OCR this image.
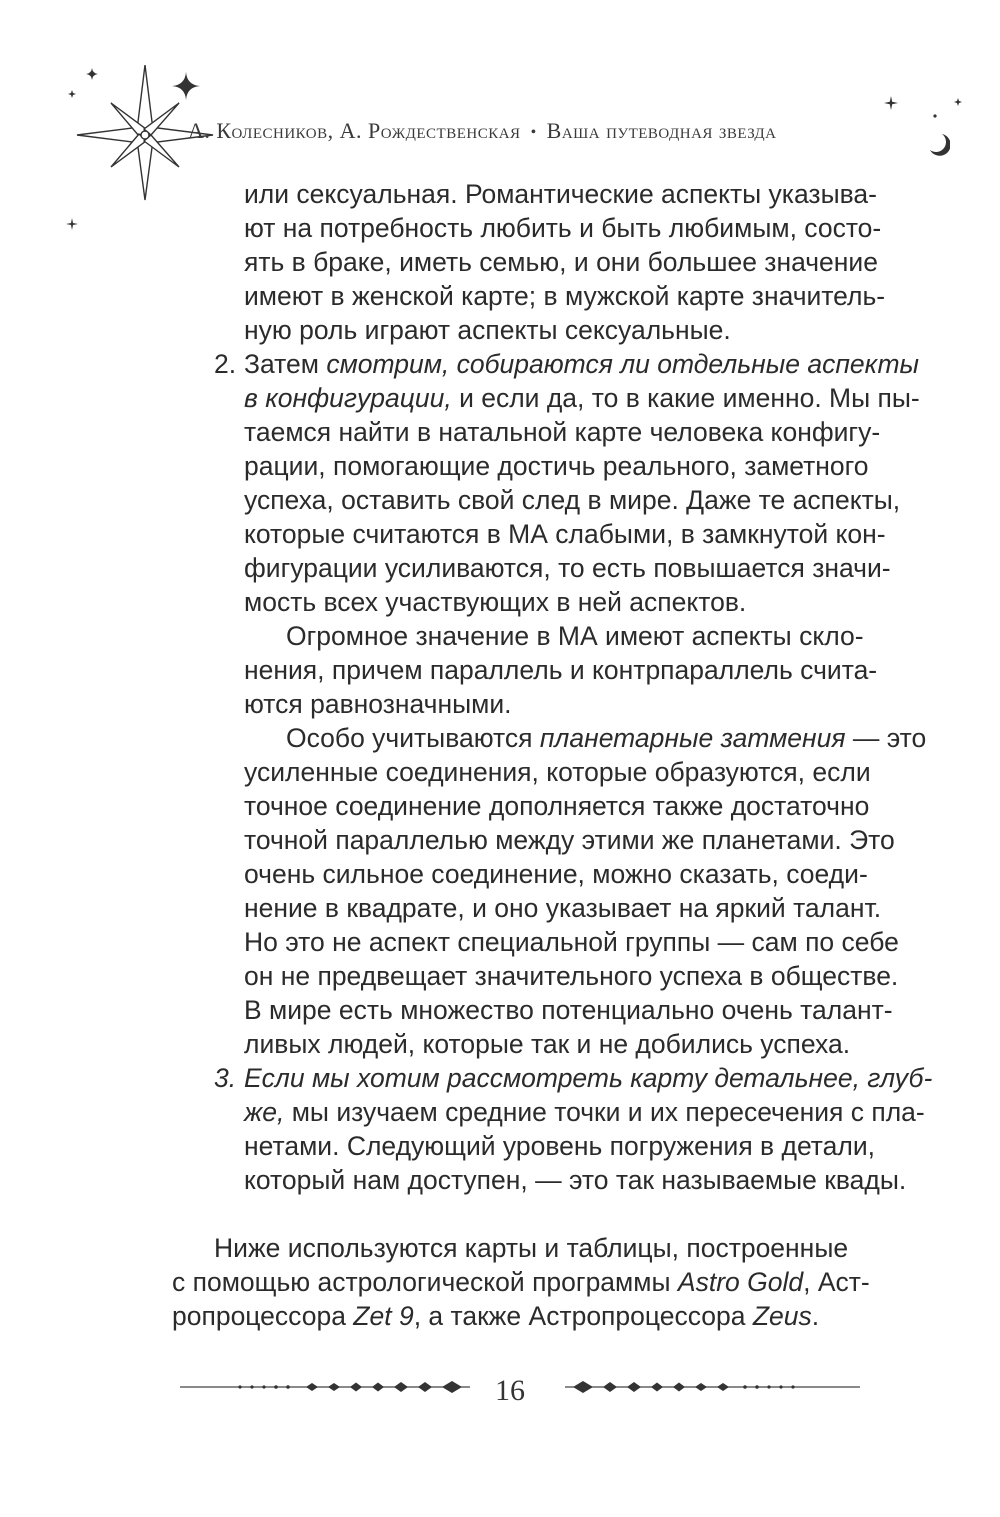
А. Колесников, А. Рождественская • Ваша путеводная звезда
или сексуальная. Романтические аспекты указыва-
ют на потребность любить и быть любимым, состо-
ять в браке, иметь семью, и они большее значение
имеют в женской карте; в мужской карте значитель-
ную роль играют аспекты сексуальные.
2. Затем смотрим, собираются ли отдельные аспекты
в конфигурации, и если да, то в какие именно. Мы пы-
таемся найти в натальной карте человека конфигу-
рации, помогающие достичь реального, заметного
успеха, оставить свой след в мире. Даже те аспекты,
которые считаются в МА слабыми, в замкнутой кон-
фигурации усиливаются, то есть повышается значи-
мость всех участвующих в ней аспектов.
Огромное значение в МА имеют аспекты скло-
нения, причем параллель и контрпараллель счита-
ются равнозначными.
Особо учитываются планетарные затмения — это
усиленные соединения, которые образуются, если
точное соединение дополняется также достаточно
точной параллелью между этими же планетами. Это
очень сильное соединение, можно сказать, соеди-
нение в квадрате, и оно указывает на яркий талант.
Но это не аспект специальной группы — сам по себе
он не предвещает значительного успеха в обществе.
В мире есть множество потенциально очень талант-
ливых людей, которые так и не добились успеха.
3. Если мы хотим рассмотреть карту детальнее, глуб-
же, мы изучаем средние точки и их пересечения с пла-
нетами. Следующий уровень погружения в детали,
который нам доступен, — это так называемые квады.
Ниже используются карты и таблицы, построенные
с помощью астрологической программы Astro Gold, Аст-
ропроцессора Zet 9, а также Астропроцессора Zeus.
16
